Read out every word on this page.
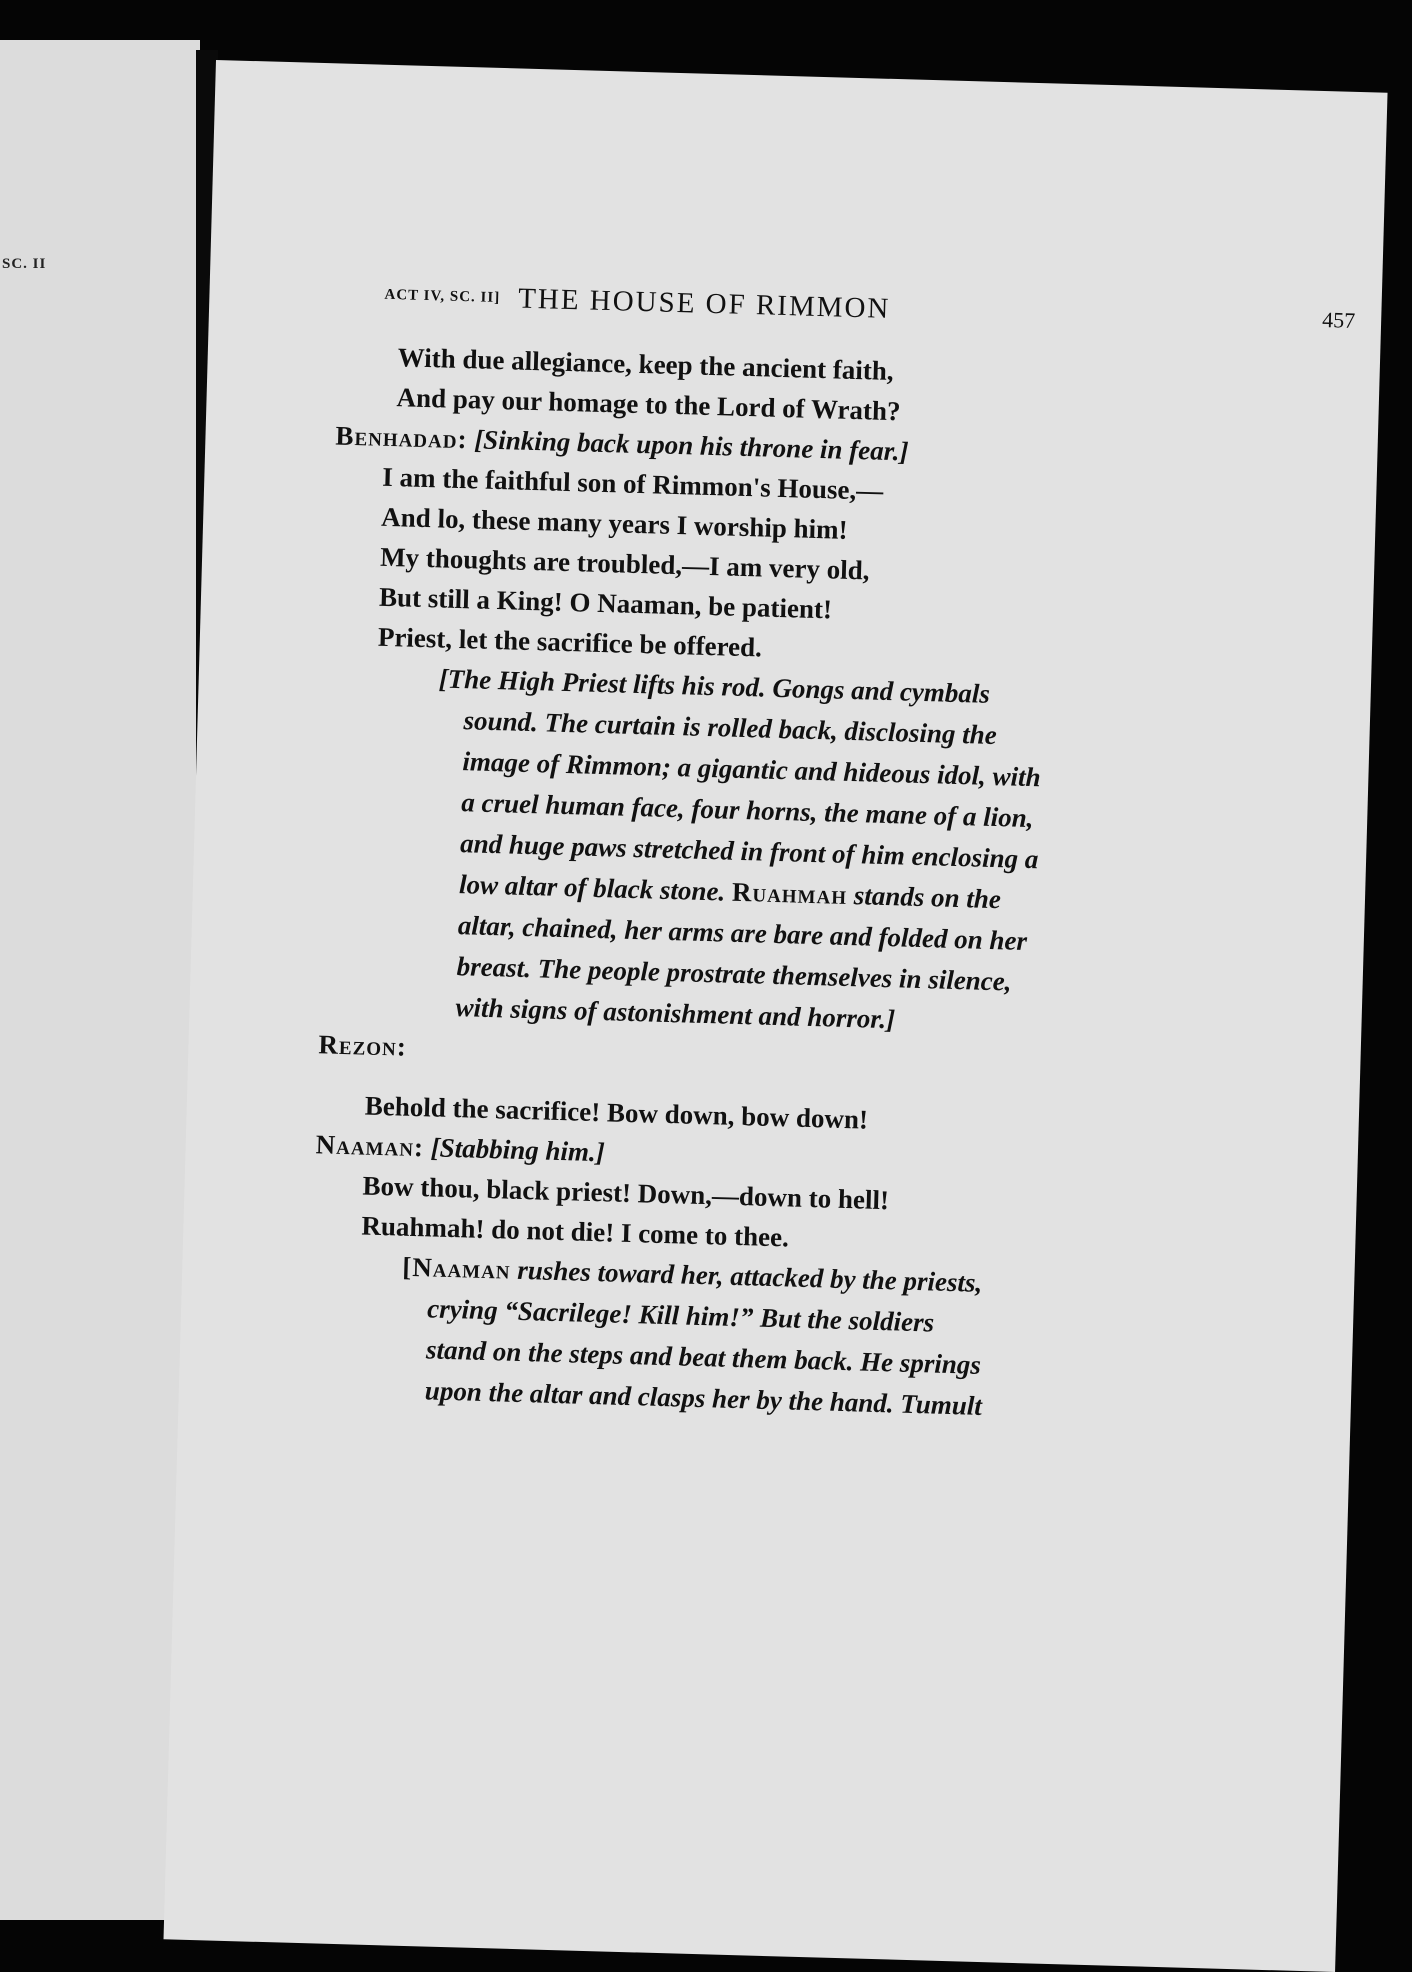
SC. II
ACT IV, SC. II] THE HOUSE OF RIMMON	457
With due allegiance, keep the ancient faith,
And pay our homage to the Lord of Wrath?
Benhadad: [Sinking back upon his throne in fear.]
I am the faithful son of Rimmon's House,—
And lo, these many years I worship him!
My thoughts are troubled,—I am very old,
But still a King! O Naaman, be patient!
Priest, let the sacrifice be offered.
[The High Priest lifts his rod. Gongs and cymbals
sound. The curtain is rolled back, disclosing the
image of Rimmon; a gigantic and hideous idol, with
a cruel human face, four horns, the mane of a lion,
and huge paws stretched in front of him enclosing a
low altar of black stone. Ruahmah stands on the
altar, chained, her arms are bare and folded on her
breast. The people prostrate themselves in silence,
with signs of astonishment and horror.]
Rezon:
Behold the sacrifice! Bow down, bow down!
Naaman: [Stabbing him.]
Bow thou, black priest! Down,—down to hell!
Ruahmah! do not die! I come to thee.
[Naaman rushes toward her, attacked by the priests,
crying “Sacrilege! Kill him!” But the soldiers
stand on the steps and beat them back. He springs
upon the altar and clasps her by the hand. Tumult
